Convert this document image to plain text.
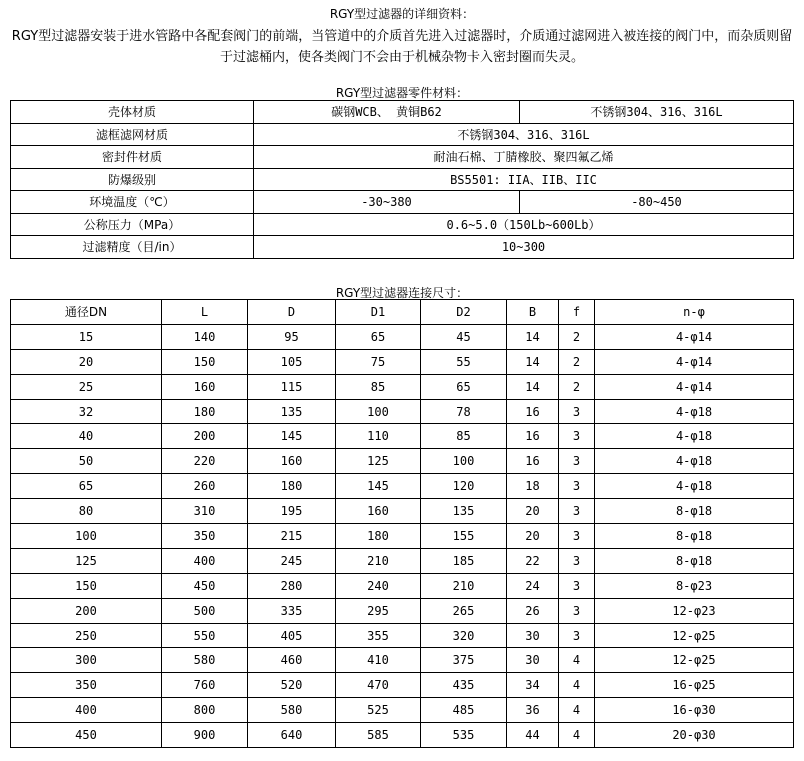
RGY型过滤器的详细资料：
RGY型过滤器安装于进水管路中各配套阀门的前端，当管道中的介质首先进入过滤器时，介质通过滤网进入被连接的阀门中，而杂质则留于过滤桶内，使各类阀门不会由于机械杂物卡入密封圈而失灵。
RGY型过滤器零件材料：
壳体材质	碳钢WCB、 黄铜B62	不锈钢304、316、316L
滤框滤网材质	不锈钢304、316、316L	
密封件材质	耐油石棉、丁腈橡胶、聚四氟乙烯	
防爆级别	BS5501: IIA、IIB、IIC	
环境温度（℃）	-30~380	-80~450
公称压力（MPa）	0.6~5.0（150Lb~600Lb）	
过滤精度（目/in）	10~300	
RGY型过滤器连接尺寸：
通径DN	L	D	D1	D2	B	f	n-φ
15	140	95	65	45	14	2	4-φ14
20	150	105	75	55	14	2	4-φ14
25	160	115	85	65	14	2	4-φ14
32	180	135	100	78	16	3	4-φ18
40	200	145	110	85	16	3	4-φ18
50	220	160	125	100	16	3	4-φ18
65	260	180	145	120	18	3	4-φ18
80	310	195	160	135	20	3	8-φ18
100	350	215	180	155	20	3	8-φ18
125	400	245	210	185	22	3	8-φ18
150	450	280	240	210	24	3	8-φ23
200	500	335	295	265	26	3	12-φ23
250	550	405	355	320	30	3	12-φ25
300	580	460	410	375	30	4	12-φ25
350	760	520	470	435	34	4	16-φ25
400	800	580	525	485	36	4	16-φ30
450	900	640	585	535	44	4	20-φ30
